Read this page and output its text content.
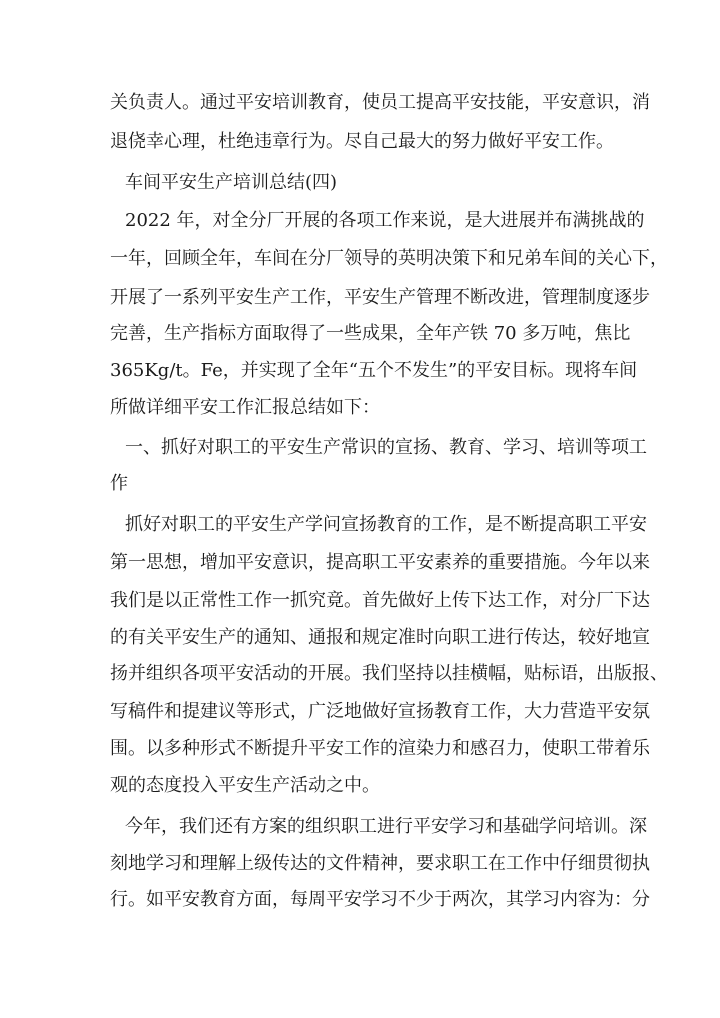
关负责人。通过平安培训教育，使员工提高平安技能，平安意识，消
退侥幸心理，杜绝违章行为。尽自己最大的努力做好平安工作。
车间平安生产培训总结(四)
2022 年，对全分厂开展的各项工作来说，是大进展并布满挑战的
一年，回顾全年，车间在分厂领导的英明决策下和兄弟车间的关心下，
开展了一系列平安生产工作，平安生产管理不断改进，管理制度逐步
完善，生产指标方面取得了一些成果，全年产铁 70 多万吨，焦比
365Kg/t。Fe，并实现了全年“五个不发生”的平安目标。现将车间
所做详细平安工作汇报总结如下：
一、抓好对职工的平安生产常识的宣扬、教育、学习、培训等项工
作
抓好对职工的平安生产学问宣扬教育的工作，是不断提高职工平安
第一思想，增加平安意识，提高职工平安素养的重要措施。今年以来
我们是以正常性工作一抓究竟。首先做好上传下达工作，对分厂下达
的有关平安生产的通知、通报和规定准时向职工进行传达，较好地宣
扬并组织各项平安活动的开展。我们坚持以挂横幅，贴标语，出版报、
写稿件和提建议等形式，广泛地做好宣扬教育工作，大力营造平安氛
围。以多种形式不断提升平安工作的渲染力和感召力，使职工带着乐
观的态度投入平安生产活动之中。
今年，我们还有方案的组织职工进行平安学习和基础学问培训。深
刻地学习和理解上级传达的文件精神，要求职工在工作中仔细贯彻执
行。如平安教育方面，每周平安学习不少于两次，其学习内容为：分
